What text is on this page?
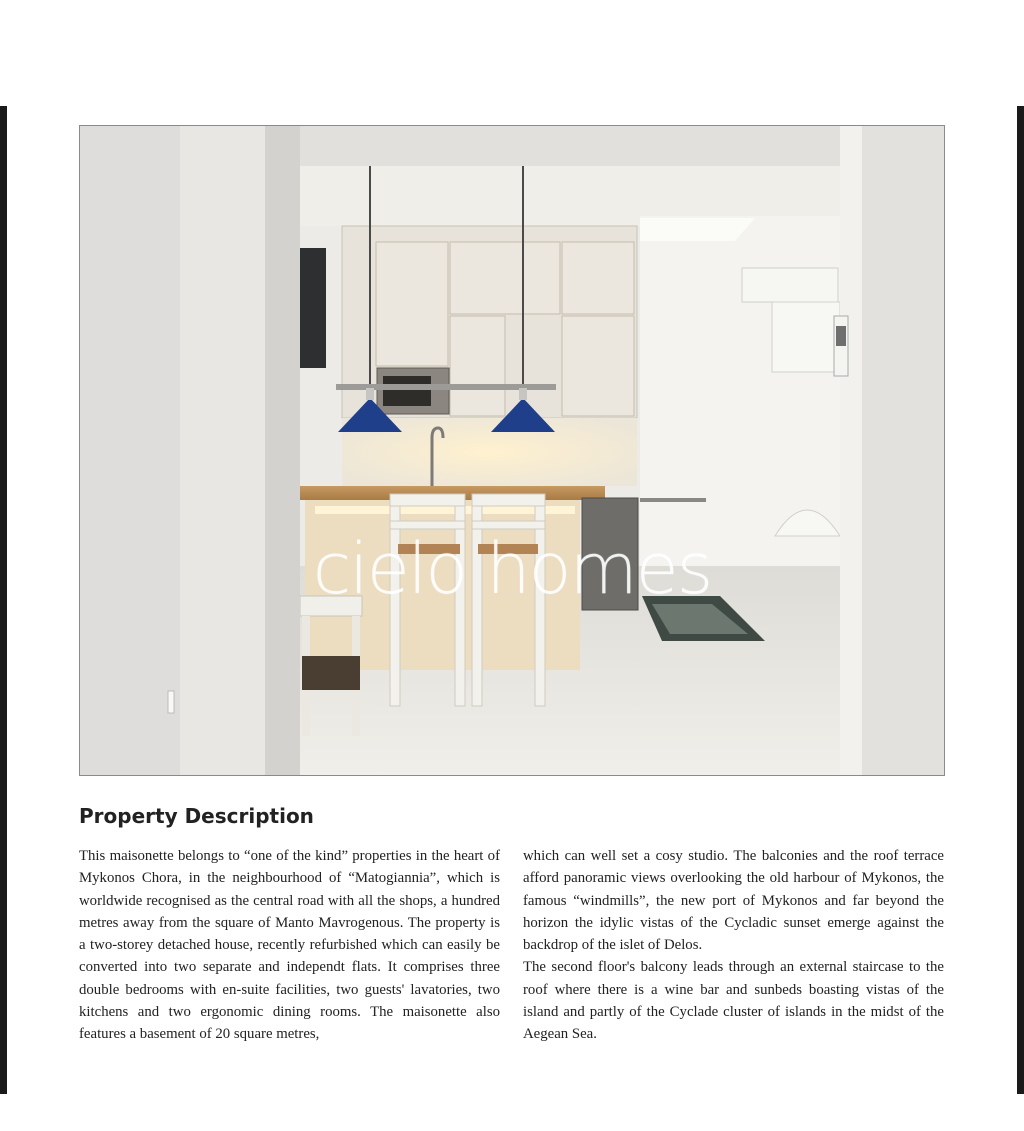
cielo homes
Property Description

This maisonette belongs to “one of the kind” properties in the heart of Mykonos Chora, in the neighbourhood of “Matogiannia”, which is worldwide recognised as the central road with all the shops, a hundred metres away from the square of Manto Mavrogenous. The property is a two-storey detached house, recently refurbished which can easily be converted into two separate and independt flats. It comprises three double bedrooms with en-suite facilities, two guests' lavatories, two kitchens and two ergonomic dining rooms. The maisonette also features a basement of 20 square metres,

which can well set a cosy studio. The balconies and the roof terrace afford panoramic views overlooking the old harbour of Mykonos, the famous “windmills”, the new port of Mykonos and far beyond the horizon the idylic vistas of the Cycladic sunset emerge against the backdrop of the islet of Delos.

The second floor's balcony leads through an external staircase to the roof where there is a wine bar and sunbeds boasting vistas of the island and partly of the Cyclade cluster of islands in the midst of the Aegean Sea.
